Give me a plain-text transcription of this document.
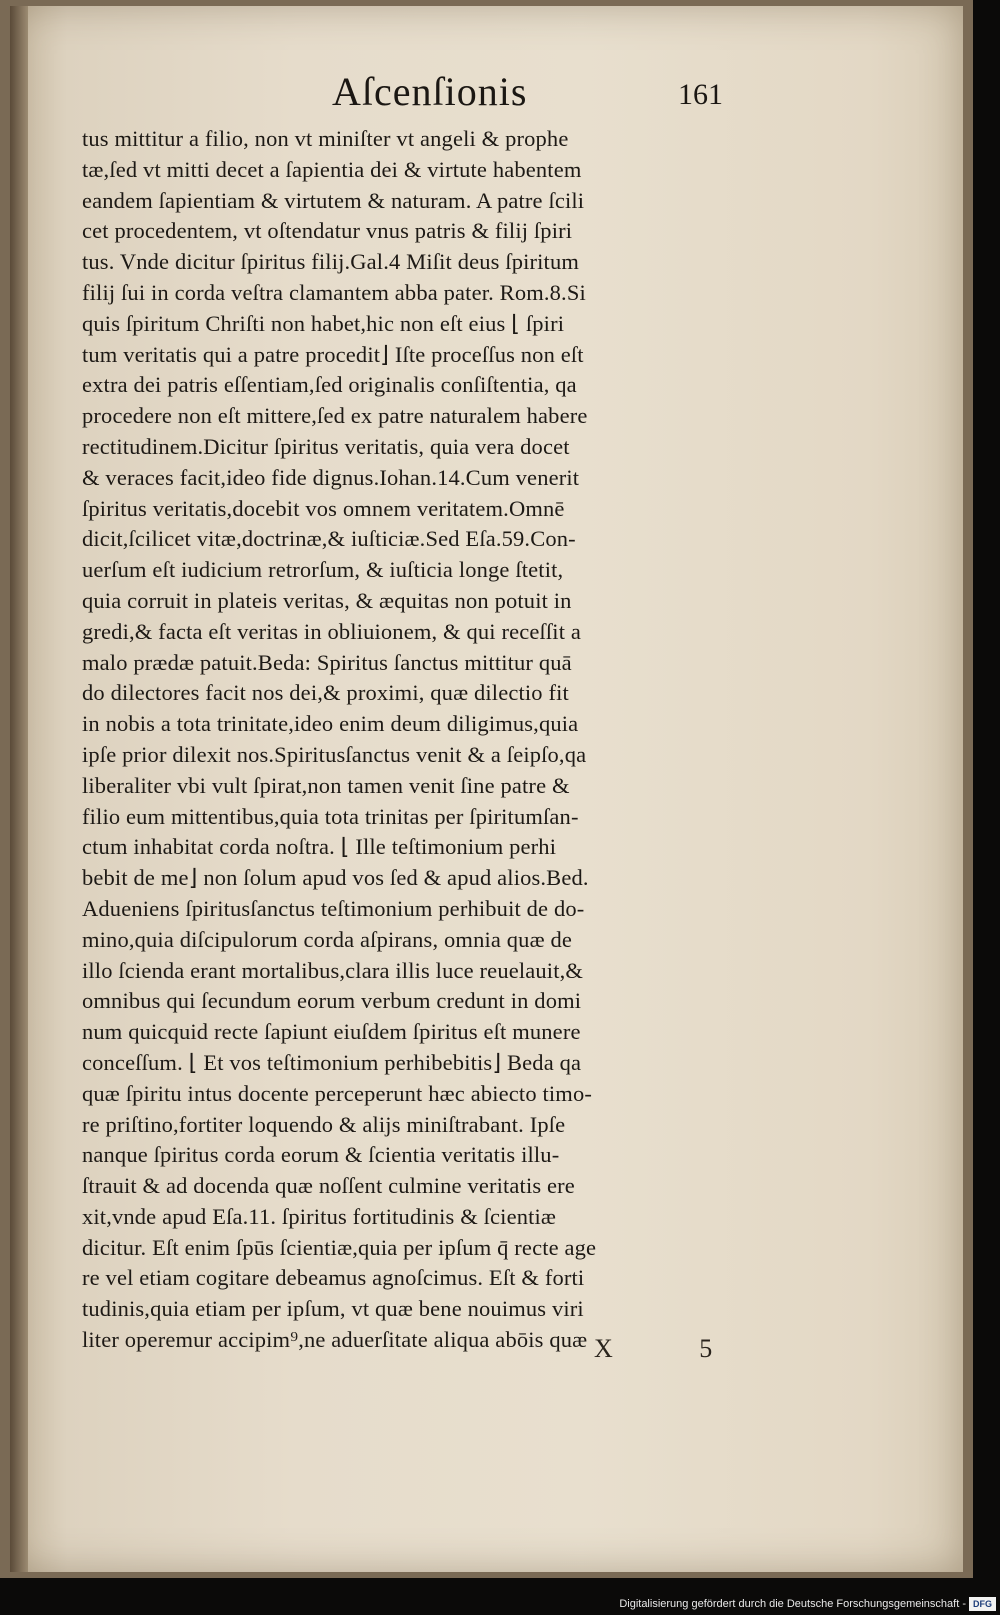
Aſcenſionis	161
tus mittitur a filio, non vt miniſter vt angeli & prophe
tæ,ſed vt mitti decet a ſapientia dei & virtute habentem
eandem ſapientiam & virtutem & naturam. A patre ſcili
cet procedentem, vt oſtendatur vnus patris & filij ſpiri
tus. Vnde dicitur ſpiritus filij.Gal.4 Miſit deus ſpiritum
filij ſui in corda veſtra clamantem abba pater. Rom.8.Si
quis ſpiritum Chriſti non habet,hic non eſt eius ⌊ ſpiri
tum veritatis qui a patre procedit⌋ Iſte proceſſus non eſt
extra dei patris eſſentiam,ſed originalis conſiſtentia, qa
procedere non eſt mittere,ſed ex patre naturalem habere
rectitudinem.Dicitur ſpiritus veritatis, quia vera docet
& veraces facit,ideo fide dignus.Iohan.14.Cum venerit
ſpiritus veritatis,docebit vos omnem veritatem.Omnē
dicit,ſcilicet vitæ,doctrinæ,& iuſticiæ.Sed Eſa.59.Con-
uerſum eſt iudicium retrorſum, & iuſticia longe ſtetit,
quia corruit in plateis veritas, & æquitas non potuit in
gredi,& facta eſt veritas in obliuionem, & qui receſſit a
malo prædæ patuit.Beda: Spiritus ſanctus mittitur quā
do dilectores facit nos dei,& proximi, quæ dilectio fit
in nobis a tota trinitate,ideo enim deum diligimus,quia
ipſe prior dilexit nos.Spiritusſanctus venit & a ſeipſo,qa
liberaliter vbi vult ſpirat,non tamen venit ſine patre &
filio eum mittentibus,quia tota trinitas per ſpiritumſan-
ctum inhabitat corda noſtra. ⌊ Ille teſtimonium perhi
bebit de me⌋ non ſolum apud vos ſed & apud alios.Bed.
Adueniens ſpiritusſanctus teſtimonium perhibuit de do-
mino,quia diſcipulorum corda aſpirans, omnia quæ de
illo ſcienda erant mortalibus,clara illis luce reuelauit,&
omnibus qui ſecundum eorum verbum credunt in domi
num quicquid recte ſapiunt eiuſdem ſpiritus eſt munere
conceſſum. ⌊ Et vos teſtimonium perhibebitis⌋ Beda qa
quæ ſpiritu intus docente perceperunt hæc abiecto timo-
re priſtino,fortiter loquendo & alijs miniſtrabant. Ipſe
nanque ſpiritus corda eorum & ſcientia veritatis illu-
ſtrauit & ad docenda quæ noſſent culmine veritatis ere
xit,vnde apud Eſa.11. ſpiritus fortitudinis & ſcientiæ
dicitur. Eſt enim ſpūs ſcientiæ,quia per ipſum q̄ recte age
re vel etiam cogitare debeamus agnoſcimus. Eſt & forti
tudinis,quia etiam per ipſum, vt quæ bene nouimus viri
liter operemur accipim⁹,ne aduerſitate aliqua abōis quæ X 5
Digitalisierung gefördert durch die Deutsche Forschungsgemeinschaft - DFG
